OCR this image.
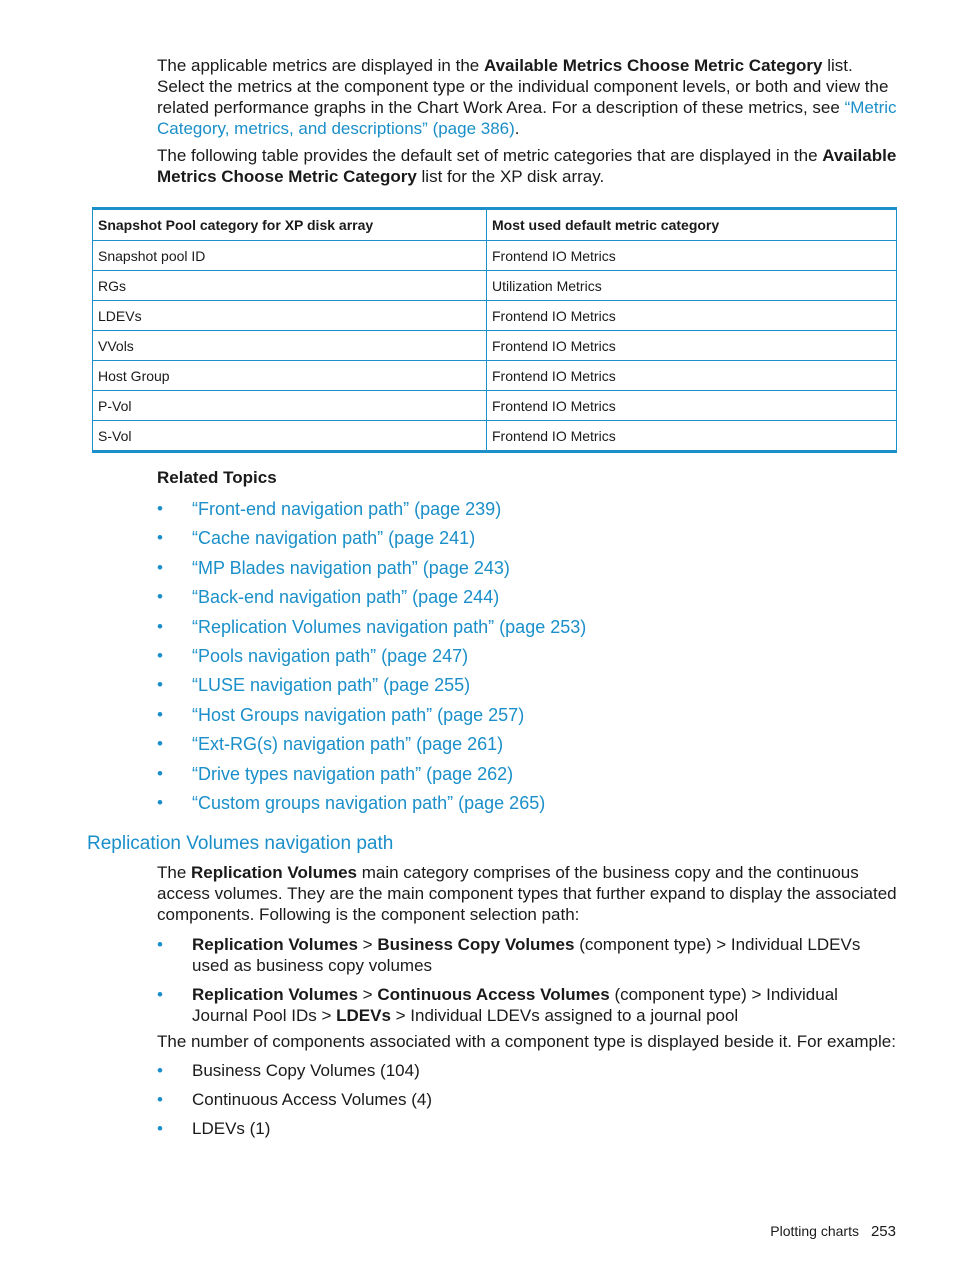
The applicable metrics are displayed in the Available Metrics Choose Metric Category list. Select the metrics at the component type or the individual component levels, or both and view the related performance graphs in the Chart Work Area. For a description of these metrics, see “Metric Category, metrics, and descriptions” (page 386).

The following table provides the default set of metric categories that are displayed in the Available Metrics Choose Metric Category list for the XP disk array.

Snapshot Pool category for XP disk array	Most used default metric category
Snapshot pool ID	Frontend IO Metrics
RGs	Utilization Metrics
LDEVs	Frontend IO Metrics
VVols	Frontend IO Metrics
Host Group	Frontend IO Metrics
P-Vol	Frontend IO Metrics
S-Vol	Frontend IO Metrics
Related Topics
• “Front-end navigation path” (page 239)
• “Cache navigation path” (page 241)
• “MP Blades navigation path” (page 243)
• “Back-end navigation path” (page 244)
• “Replication Volumes navigation path” (page 253)
• “Pools navigation path” (page 247)
• “LUSE navigation path” (page 255)
• “Host Groups navigation path” (page 257)
• “Ext-RG(s) navigation path” (page 261)
• “Drive types navigation path” (page 262)
• “Custom groups navigation path” (page 265)
Replication Volumes navigation path

The Replication Volumes main category comprises of the business copy and the continuous access volumes. They are the main component types that further expand to display the associated components. Following is the component selection path:

• Replication Volumes > Business Copy Volumes (component type) > Individual LDEVs used as business copy volumes
• Replication Volumes > Continuous Access Volumes (component type) > Individual Journal Pool IDs > LDEVs > Individual LDEVs assigned to a journal pool

The number of components associated with a component type is displayed beside it. For example:

• Business Copy Volumes (104)
• Continuous Access Volumes (4)
• LDEVs (1)
Plotting charts 253
